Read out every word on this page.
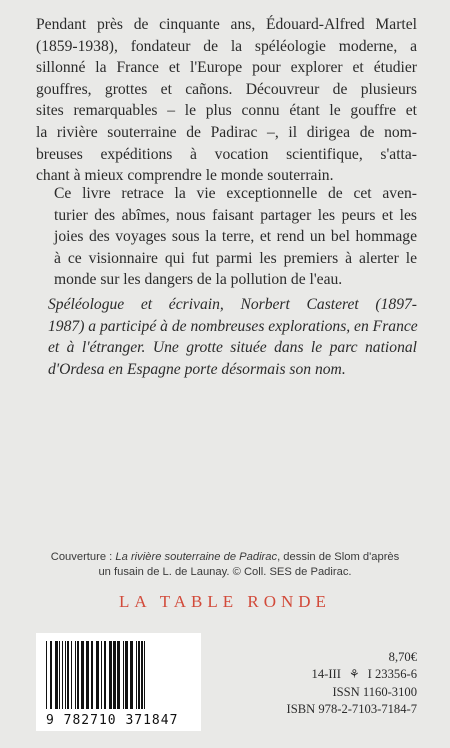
Pendant près de cinquante ans, Édouard-Alfred Martel
(1859-1938), fondateur de la spéléologie moderne, a
sillonné la France et l'Europe pour explorer et étudier
gouffres, grottes et cañons. Découvreur de plusieurs
sites remarquables – le plus connu étant le gouffre et
la rivière souterraine de Padirac –, il dirigea de nom-
breuses expéditions à vocation scientifique, s'atta-
chant à mieux comprendre le monde souterrain.

Ce livre retrace la vie exceptionnelle de cet aven-
turier des abîmes, nous faisant partager les peurs et les
joies des voyages sous la terre, et rend un bel hommage
à ce visionnaire qui fut parmi les premiers à alerter le
monde sur les dangers de la pollution de l'eau.

Spéléologue et écrivain, Norbert Casteret (1897-
1987) a participé à de nombreuses explorations, en France
et à l'étranger. Une grotte située dans le parc national
d'Ordesa en Espagne porte désormais son nom.

Couverture : La rivière souterraine de Padirac, dessin de Slom d'après
un fusain de L. de Launay. © Coll. SES de Padirac.
LA TABLE RONDE
9 782710 371847
8,70€
14-III ⚘ I 23356-6
ISSN 1160-3100
ISBN 978-2-7103-7184-7
